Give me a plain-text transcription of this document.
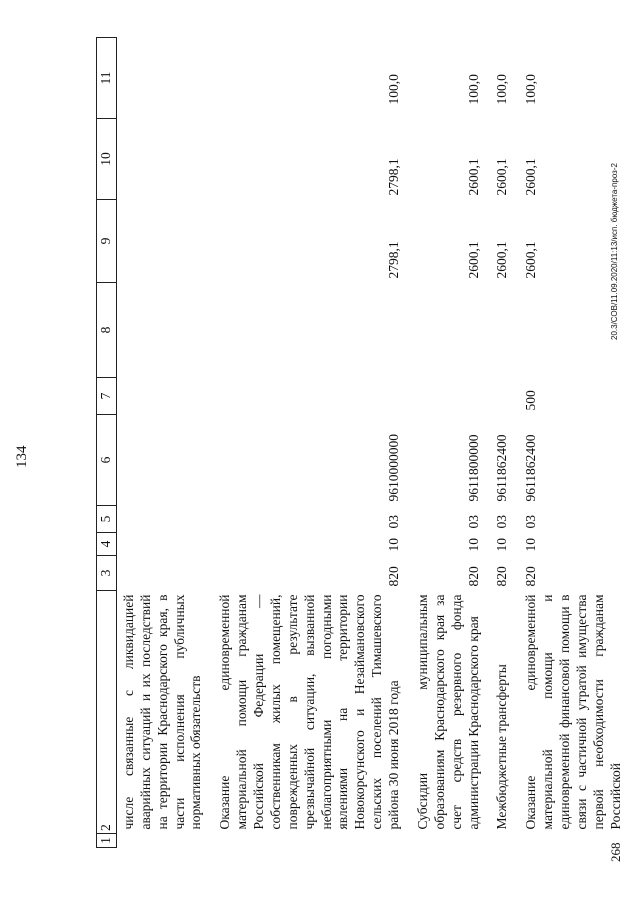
134
1	2	3	4	5	6	7	8	9	10	11
	числе связанные с ликвидацией аварийных ситуаций и их последствий на территории Краснодарского края, в части исполнения публичных нормативных обязательств									
	Оказание единовременной материальной помощи гражданам Российской Федерации — собственникам жилых помещений, поврежденных в результате чрезвычайной ситуации, вызванной неблагоприятными погодными явлениями на территории Новокорсунского и Незаймановского сельских поселений Тимашевского района 30 июня 2018 года	820	10	03	9610000000			2798,1	2798,1	100,0
	Субсидии муниципальным образованиям Краснодарского края за счет средств резервного фонда администрации Краснодарского края	820	10	03	9611800000			2600,1	2600,1	100,0
	Межбюджетные трансферты	820	10	03	9611862400			2600,1	2600,1	100,0
	Оказание единовременной материальной помощи и единовременной финансовой помощи в связи с частичной утратой имущества первой необходимости гражданам Российской	820	10	03	9611862400	500		2600,1	2600,1	100,0
20.3/СОВ/11.09.2020/11:13/исп. бюджета-проз-2
268
